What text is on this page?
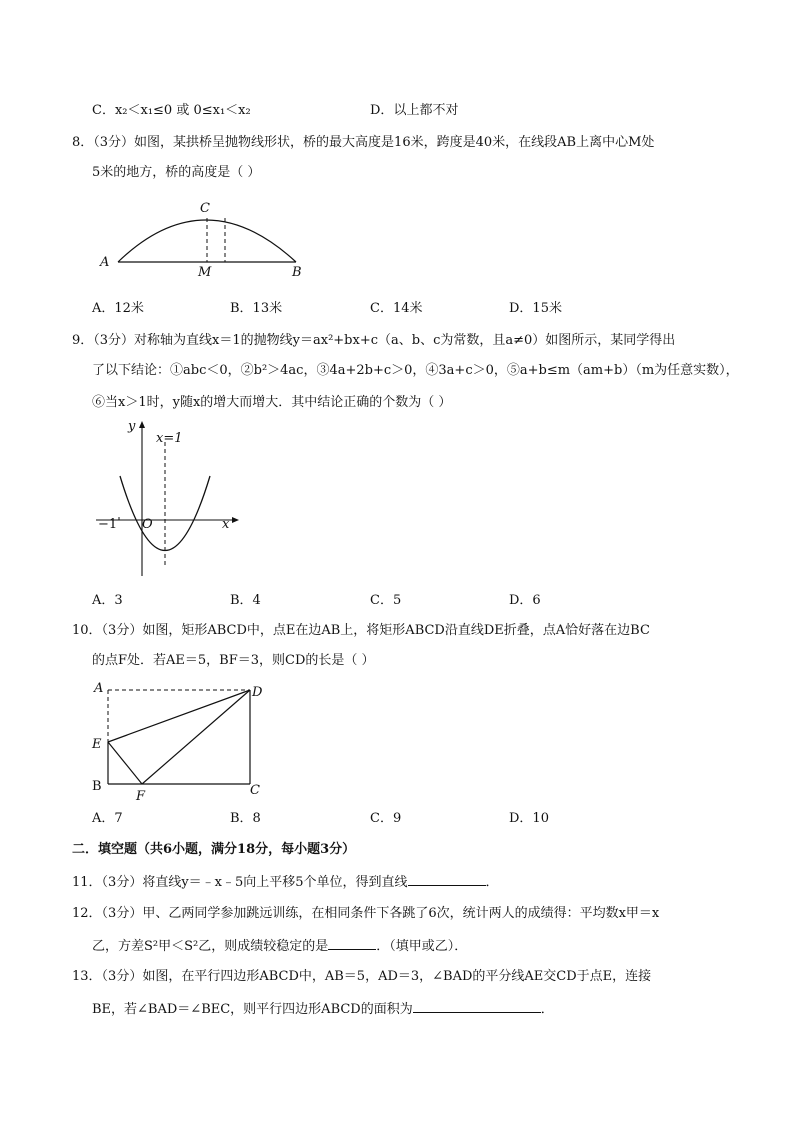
C．x₂＜x₁≤0 或 0≤x₁＜x₂	D．以上都不对
8．（3分）如图，某拱桥呈抛物线形状，桥的最大高度是16米，跨度是40米，在线段AB上离中心M处
5米的地方，桥的高度是（ ）
A
B
C
M
A．12米	B．13米	C．14米	D．15米
9．（3分）对称轴为直线x＝1的抛物线y＝ax²+bx+c（a、b、c为常数，且a≠0）如图所示，某同学得出
了以下结论：①abc＜0，②b²＞4ac，③4a+2b+c＞0，④3a+c＞0，⑤a+b≤m（am+b）（m为任意实数），
⑥当x＞1时，y随x的增大而增大．其中结论正确的个数为（ ）
y
x
x=1
−1 O
A．3	B．4	C．5	D．6
10．（3分）如图，矩形ABCD中，点E在边AB上，将矩形ABCD沿直线DE折叠，点A恰好落在边BC
的点F处．若AE＝5，BF＝3，则CD的长是（ ）
A	D
E
B
F	C
A．7	B．8	C．9	D．10
二．填空题（共6小题，满分18分，每小题3分）
11．（3分）将直线y＝﹣x﹣5向上平移5个单位，得到直线	．
12．（3分）甲、乙两同学参加跳远训练，在相同条件下各跳了6次，统计两人的成绩得：平均数x甲＝x
乙，方差S²甲＜S²乙，则成绩较稳定的是	．（填甲或乙）．
13．（3分）如图，在平行四边形ABCD中，AB＝5，AD＝3，∠BAD的平分线AE交CD于点E，连接
BE，若∠BAD＝∠BEC，则平行四边形ABCD的面积为	．
